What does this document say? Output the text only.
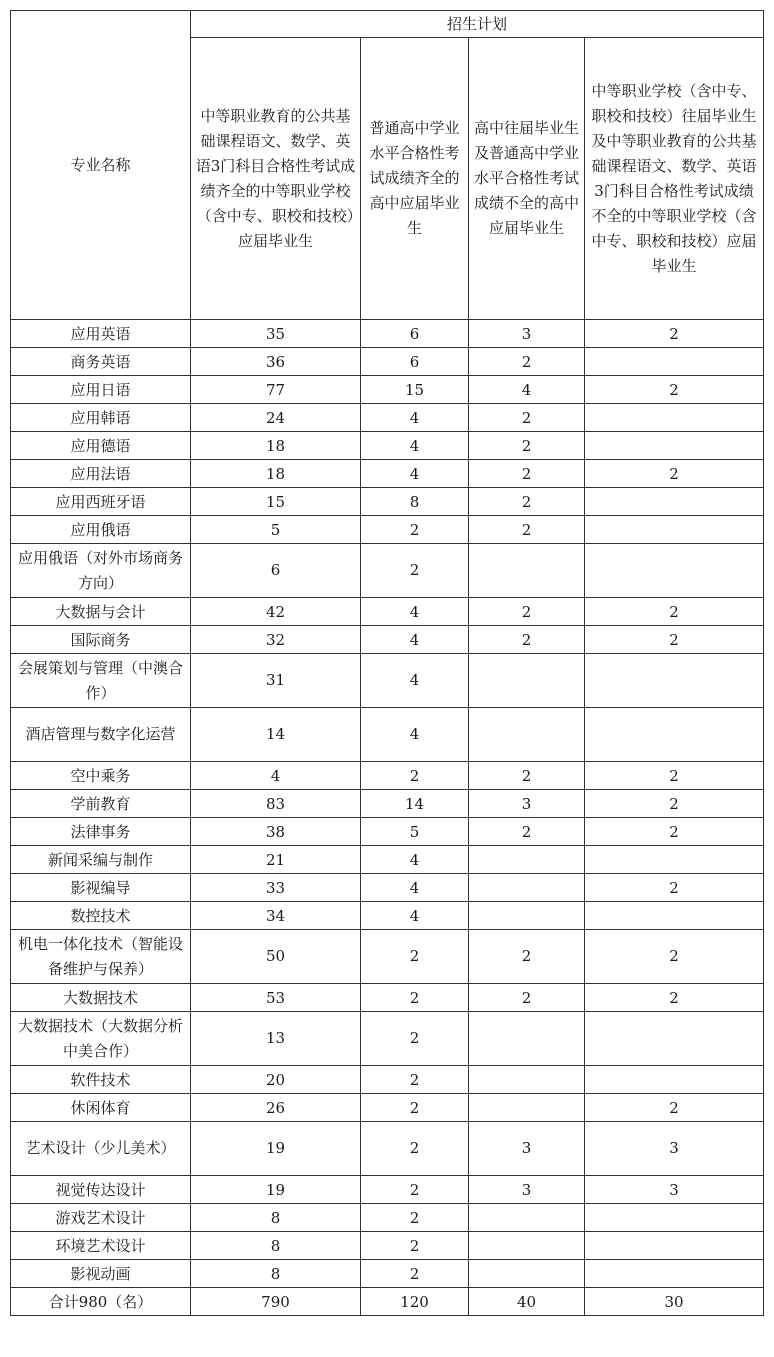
专业名称	招生计划			
	中等职业教育的公共基础课程语文、数学、英语3门科目合格性考试成绩齐全的中等职业学校（含中专、职校和技校）应届毕业生	普通高中学业水平合格性考试成绩齐全的高中应届毕业生	高中往届毕业生及普通高中学业水平合格性考试成绩不全的高中应届毕业生	中等职业学校（含中专、职校和技校）往届毕业生及中等职业教育的公共基础课程语文、数学、英语3门科目合格性考试成绩不全的中等职业学校（含中专、职校和技校）应届毕业生
应用英语	35	6	3	2
商务英语	36	6	2	
应用日语	77	15	4	2
应用韩语	24	4	2	
应用德语	18	4	2	
应用法语	18	4	2	2
应用西班牙语	15	8	2	
应用俄语	5	2	2	
应用俄语（对外市场商务方向）	6	2		
大数据与会计	42	4	2	2
国际商务	32	4	2	2
会展策划与管理（中澳合作）	31	4		
酒店管理与数字化运营	14	4		
空中乘务	4	2	2	2
学前教育	83	14	3	2
法律事务	38	5	2	2
新闻采编与制作	21	4		
影视编导	33	4		2
数控技术	34	4		
机电一体化技术（智能设备维护与保养）	50	2	2	2
大数据技术	53	2	2	2
大数据技术（大数据分析中美合作）	13	2		
软件技术	20	2		
休闲体育	26	2		2
艺术设计（少儿美术）	19	2	3	3
视觉传达设计	19	2	3	3
游戏艺术设计	8	2		
环境艺术设计	8	2		
影视动画	8	2		
合计980（名）	790	120	40	30
